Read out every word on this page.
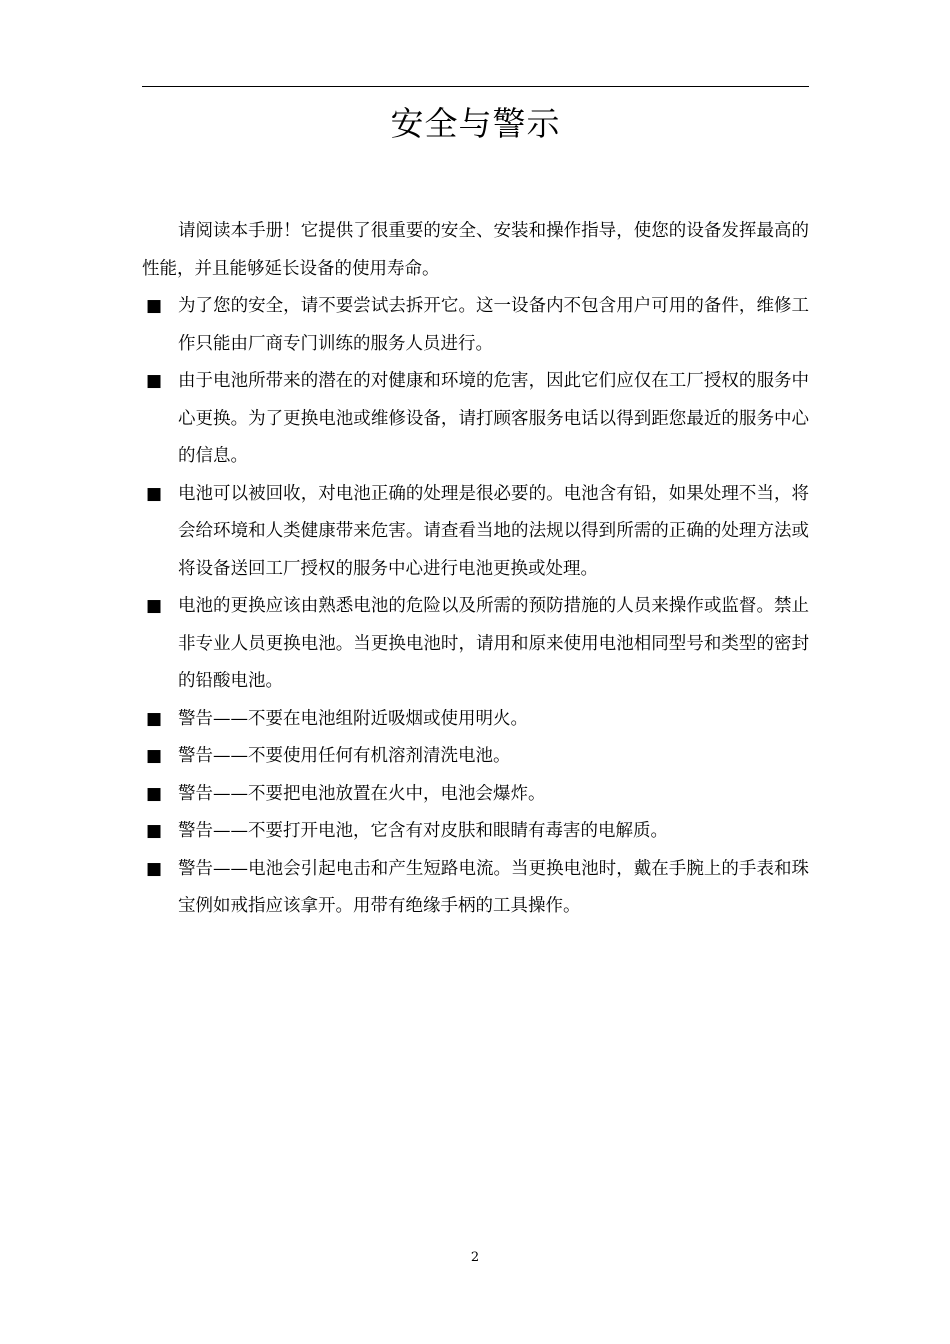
安全与警示

请阅读本手册！它提供了很重要的安全、安装和操作指导，使您的设备发挥最高的性能，并且能够延长设备的使用寿命。

■ 为了您的安全，请不要尝试去拆开它。这一设备内不包含用户可用的备件，维修工作只能由厂商专门训练的服务人员进行。
■ 由于电池所带来的潜在的对健康和环境的危害，因此它们应仅在工厂授权的服务中心更换。为了更换电池或维修设备，请打顾客服务电话以得到距您最近的服务中心的信息。
■ 电池可以被回收，对电池正确的处理是很必要的。电池含有铅，如果处理不当，将会给环境和人类健康带来危害。请查看当地的法规以得到所需的正确的处理方法或将设备送回工厂授权的服务中心进行电池更换或处理。
■ 电池的更换应该由熟悉电池的危险以及所需的预防措施的人员来操作或监督。禁止非专业人员更换电池。当更换电池时，请用和原来使用电池相同型号和类型的密封的铅酸电池。
■ 警告——不要在电池组附近吸烟或使用明火。
■ 警告——不要使用任何有机溶剂清洗电池。
■ 警告——不要把电池放置在火中，电池会爆炸。
■ 警告——不要打开电池，它含有对皮肤和眼睛有毒害的电解质。
■ 警告——电池会引起电击和产生短路电流。当更换电池时，戴在手腕上的手表和珠宝例如戒指应该拿开。用带有绝缘手柄的工具操作。
2
